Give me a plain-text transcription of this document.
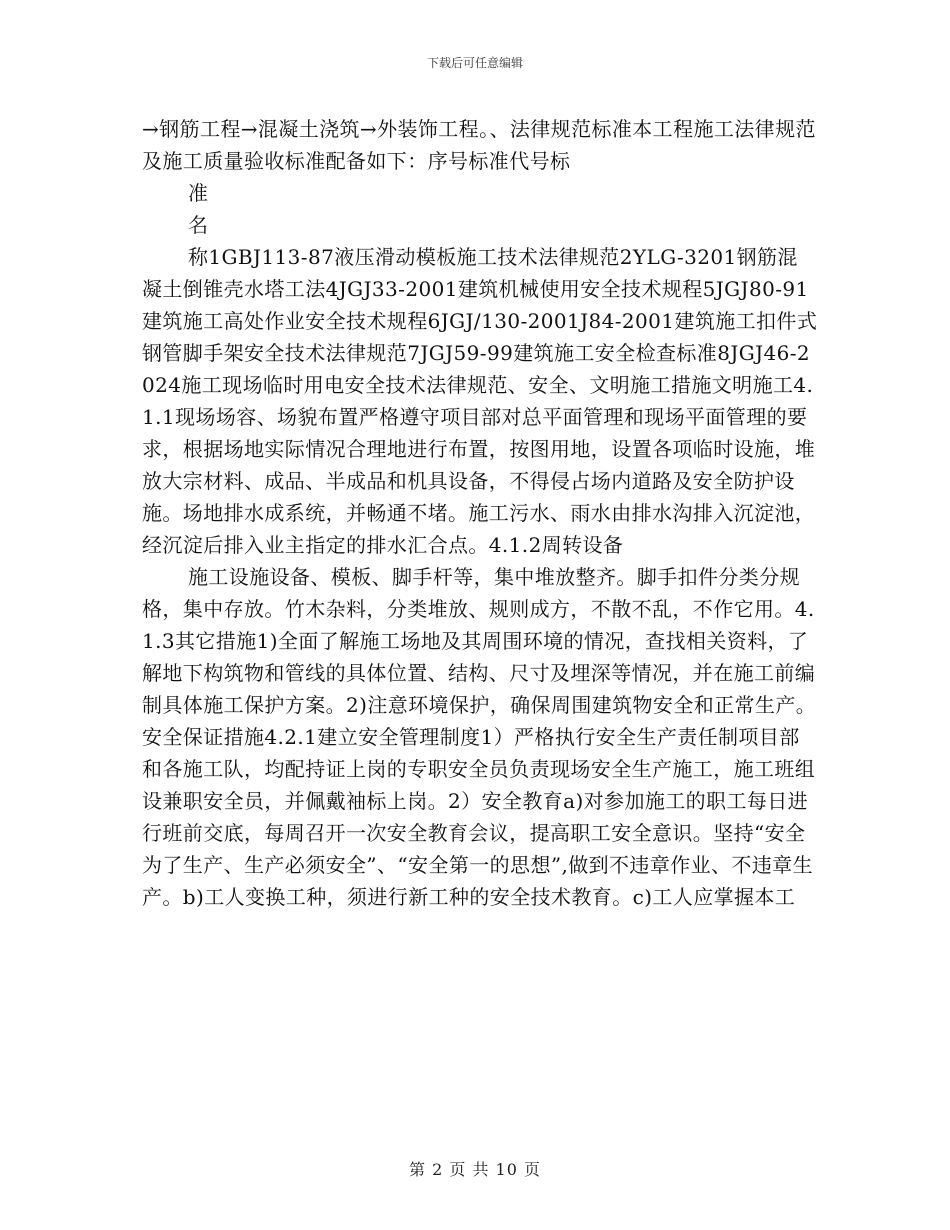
下载后可任意编辑

→钢筋工程→混凝土浇筑→外装饰工程。、法律规范标准本工程施工法律规范及施工质量验收标准配备如下：序号标准代号标

准

名

称1GBJ113-87液压滑动模板施工技术法律规范2YLG-3201钢筋混凝土倒锥壳水塔工法4JGJ33-2001建筑机械使用安全技术规程5JGJ80-91建筑施工高处作业安全技术规程6JGJ/130-2001J84-2001建筑施工扣件式钢管脚手架安全技术法律规范7JGJ59-99建筑施工安全检查标准8JGJ46-2024施工现场临时用电安全技术法律规范、安全、文明施工措施文明施工4.1.1现场场容、场貌布置严格遵守项目部对总平面管理和现场平面管理的要求，根据场地实际情况合理地进行布置，按图用地，设置各项临时设施，堆放大宗材料、成品、半成品和机具设备，不得侵占场内道路及安全防护设施。场地排水成系统，并畅通不堵。施工污水、雨水由排水沟排入沉淀池，经沉淀后排入业主指定的排水汇合点。4.1.2周转设备

施工设施设备、模板、脚手杆等，集中堆放整齐。脚手扣件分类分规格，集中存放。竹木杂料，分类堆放、规则成方，不散不乱，不作它用。4.1.3其它措施1)全面了解施工场地及其周围环境的情况，查找相关资料，了解地下构筑物和管线的具体位置、结构、尺寸及埋深等情况，并在施工前编制具体施工保护方案。2)注意环境保护，确保周围建筑物安全和正常生产。安全保证措施4.2.1建立安全管理制度1）严格执行安全生产责任制项目部和各施工队，均配持证上岗的专职安全员负责现场安全生产施工，施工班组设兼职安全员，并佩戴袖标上岗。2）安全教育a)对参加施工的职工每日进行班前交底，每周召开一次安全教育会议，提高职工安全意识。坚持“安全为了生产、生产必须安全”、“安全第一的思想”,做到不违章作业、不违章生产。b)工人变换工种，须进行新工种的安全技术教育。c)工人应掌握本工

第 2 页 共 10 页
